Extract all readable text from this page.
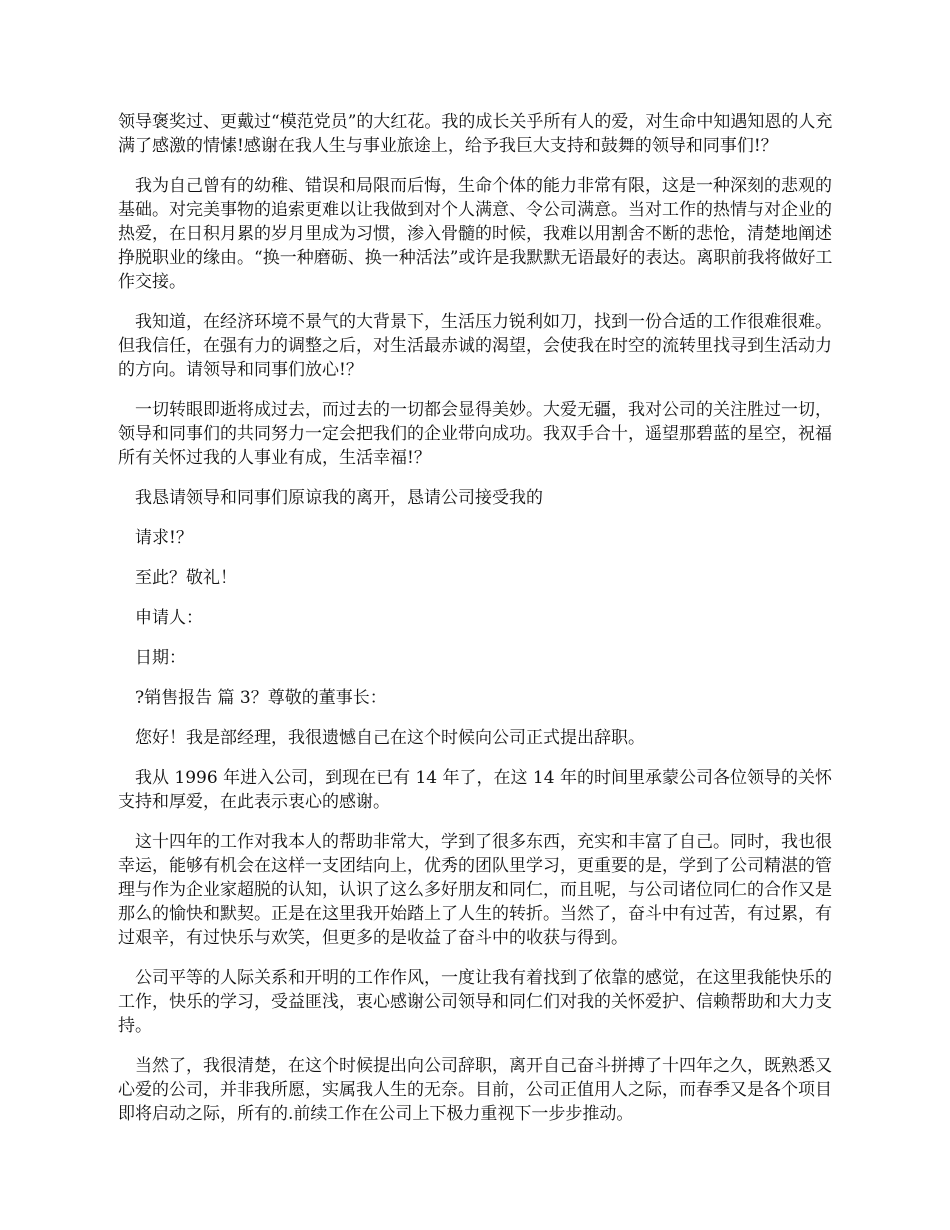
领导褒奖过、更戴过“模范党员”的大红花。我的成长关乎所有人的爱，对生命中知遇知恩的人充满了感激的情愫!感谢在我人生与事业旅途上，给予我巨大支持和鼓舞的领导和同事们!？

我为自己曾有的幼稚、错误和局限而后悔，生命个体的能力非常有限，这是一种深刻的悲观的基础。对完美事物的追索更难以让我做到对个人满意、令公司满意。当对工作的热情与对企业的热爱，在日积月累的岁月里成为习惯，渗入骨髓的时候，我难以用割舍不断的悲怆，清楚地阐述挣脱职业的缘由。“换一种磨砺、换一种活法”或许是我默默无语最好的表达。离职前我将做好工作交接。

我知道，在经济环境不景气的大背景下，生活压力锐利如刀，找到一份合适的工作很难很难。但我信任，在强有力的调整之后，对生活最赤诚的渴望，会使我在时空的流转里找寻到生活动力的方向。请领导和同事们放心!？

一切转眼即逝将成过去，而过去的一切都会显得美妙。大爱无疆，我对公司的关注胜过一切，领导和同事们的共同努力一定会把我们的企业带向成功。我双手合十，遥望那碧蓝的星空，祝福所有关怀过我的人事业有成，生活幸福!？

我恳请领导和同事们原谅我的离开，恳请公司接受我的

请求!？

至此？敬礼！

申请人：

日期：

?销售报告 篇 3？尊敬的董事长：

您好！我是部经理，我很遗憾自己在这个时候向公司正式提出辞职。

我从 1996 年进入公司，到现在已有 14 年了，在这 14 年的时间里承蒙公司各位领导的关怀支持和厚爱，在此表示衷心的感谢。

这十四年的工作对我本人的帮助非常大，学到了很多东西，充实和丰富了自己。同时，我也很幸运，能够有机会在这样一支团结向上，优秀的团队里学习，更重要的是，学到了公司精湛的管理与作为企业家超脱的认知，认识了这么多好朋友和同仁，而且呢，与公司诸位同仁的合作又是那么的愉快和默契。正是在这里我开始踏上了人生的转折。当然了，奋斗中有过苦，有过累，有过艰辛，有过快乐与欢笑，但更多的是收益了奋斗中的收获与得到。

公司平等的人际关系和开明的工作作风，一度让我有着找到了依靠的感觉，在这里我能快乐的工作，快乐的学习，受益匪浅，衷心感谢公司领导和同仁们对我的关怀爱护、信赖帮助和大力支持。

当然了，我很清楚，在这个时候提出向公司辞职，离开自己奋斗拼搏了十四年之久，既熟悉又心爱的公司，并非我所愿，实属我人生的无奈。目前，公司正值用人之际，而春季又是各个项目即将启动之际，所有的.前续工作在公司上下极力重视下一步步推动。
